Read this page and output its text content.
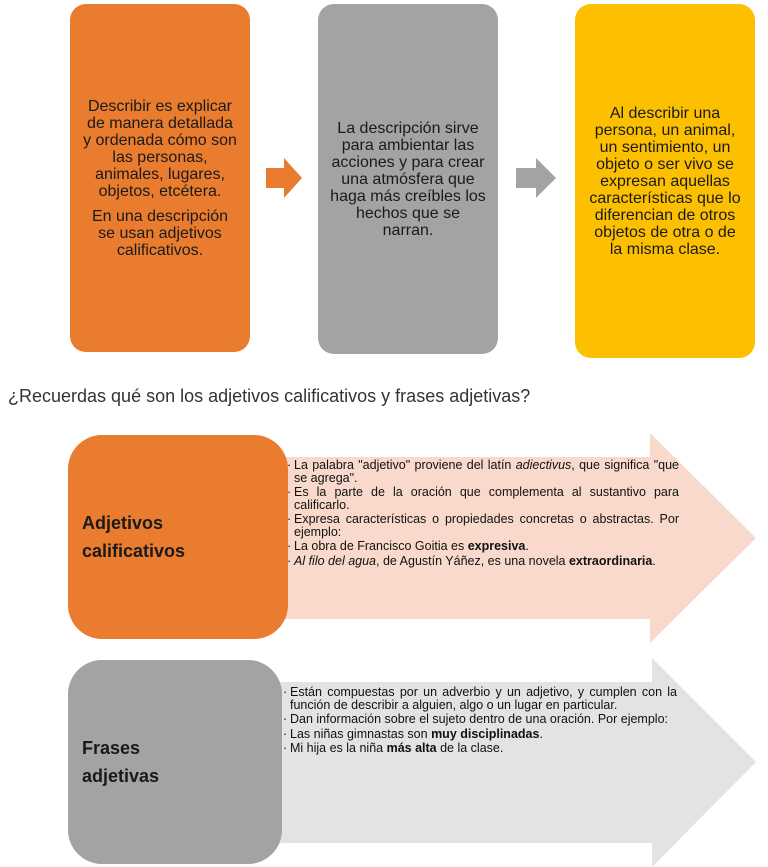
Describir es explicar de manera detallada y ordenada cómo son las personas, animales, lugares, objetos, etcétera.

En una descripción se usan adjetivos calificativos.

La descripción sirve para ambientar las acciones y para crear una atmósfera que haga más creíbles los hechos que se narran.

Al describir una persona, un animal, un sentimiento, un objeto o ser vivo se expresan aquellas características que lo diferencian de otros objetos de otra o de la misma clase.

¿Recuerdas qué son los adjetivos calificativos y frases adjetivas?
Adjetivos
calificativos
· La palabra "adjetivo" proviene del latín adiectivus, que significa "que se agrega".
· Es la parte de la oración que complementa al sustantivo para calificarlo.
· Expresa características o propiedades concretas o abstractas. Por ejemplo:
· La obra de Francisco Goitia es expresiva.
· Al filo del agua, de Agustín Yáñez, es una novela extraordinaria.
Frases
adjetivas
· Están compuestas por un adverbio y un adjetivo, y cumplen con la función de describir a alguien, algo o un lugar en particular.
· Dan información sobre el sujeto dentro de una oración. Por ejemplo:
· Las niñas gimnastas son muy disciplinadas.
· Mi hija es la niña más alta de la clase.
